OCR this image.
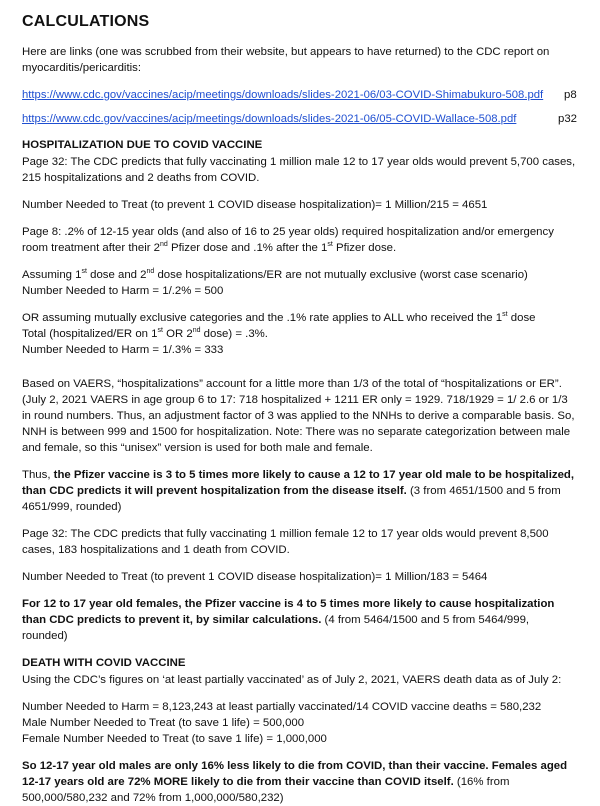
CALCULATIONS

Here are links (one was scrubbed from their website, but appears to have returned) to the CDC report on myocarditis/pericarditis:

https://www.cdc.gov/vaccines/acip/meetings/downloads/slides-2021-06/03-COVID-Shimabukuro-508.pdf p8
https://www.cdc.gov/vaccines/acip/meetings/downloads/slides-2021-06/05-COVID-Wallace-508.pdf	p32
HOSPITALIZATION DUE TO COVID VACCINE

Page 32: The CDC predicts that fully vaccinating 1 million male 12 to 17 year olds would prevent 5,700 cases, 215 hospitalizations and 2 deaths from COVID.

Number Needed to Treat (to prevent 1 COVID disease hospitalization)= 1 Million/215 = 4651

Page 8: .2% of 12-15 year olds (and also of 16 to 25 year olds) required hospitalization and/or emergency room treatment after their 2nd Pfizer dose and .1% after the 1st Pfizer dose.

Assuming 1st dose and 2nd dose hospitalizations/ER are not mutually exclusive (worst case scenario)
Number Needed to Harm = 1/.2% = 500

OR assuming mutually exclusive categories and the .1% rate applies to ALL who received the 1st dose
Total (hospitalized/ER on 1st OR 2nd dose) = .3%.
Number Needed to Harm = 1/.3% = 333

Based on VAERS, “hospitalizations” account for a little more than 1/3 of the total of “hospitalizations or ER”. (July 2, 2021 VAERS in age group 6 to 17: 718 hospitalized + 1211 ER only = 1929. 718/1929 = 1/ 2.6 or 1/3 in round numbers. Thus, an adjustment factor of 3 was applied to the NNHs to derive a comparable basis. So, NNH is between 999 and 1500 for hospitalization. Note: There was no separate categorization between male and female, so this “unisex” version is used for both male and female.

Thus, the Pfizer vaccine is 3 to 5 times more likely to cause a 12 to 17 year old male to be hospitalized, than CDC predicts it will prevent hospitalization from the disease itself. (3 from 4651/1500 and 5 from 4651/999, rounded)

Page 32: The CDC predicts that fully vaccinating 1 million female 12 to 17 year olds would prevent 8,500 cases, 183 hospitalizations and 1 death from COVID.

Number Needed to Treat (to prevent 1 COVID disease hospitalization)= 1 Million/183 = 5464

For 12 to 17 year old females, the Pfizer vaccine is 4 to 5 times more likely to cause hospitalization than CDC predicts to prevent it, by similar calculations. (4 from 5464/1500 and 5 from 5464/999, rounded)

DEATH WITH COVID VACCINE

Using the CDC’s figures on ‘at least partially vaccinated’ as of July 2, 2021, VAERS death data as of July 2:

Number Needed to Harm = 8,123,243 at least partially vaccinated/14 COVID vaccine deaths = 580,232

Male Number Needed to Treat (to save 1 life) = 500,000

Female Number Needed to Treat (to save 1 life) = 1,000,000

So 12-17 year old males are only 16% less likely to die from COVID, than their vaccine. Females aged 12-17 years old are 72% MORE likely to die from their vaccine than COVID itself. (16% from 500,000/580,232 and 72% from 1,000,000/580,232)
